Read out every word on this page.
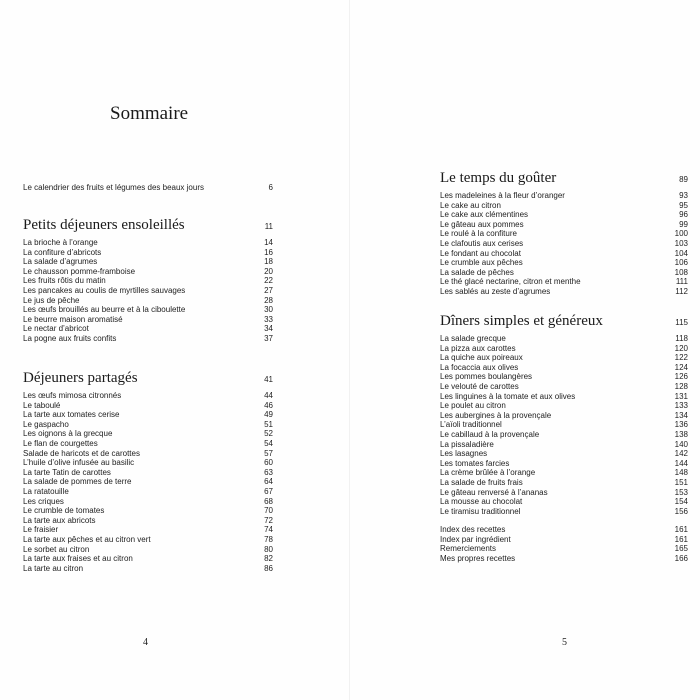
Sommaire
Le calendrier des fruits et légumes des beaux jours	6
Petits déjeuners ensoleillés	11
La brioche à l’orange	14
La confiture d’abricots	16
La salade d’agrumes	18
Le chausson pomme-framboise	20
Les fruits rôtis du matin	22
Les pancakes au coulis de myrtilles sauvages	27
Le jus de pêche	28
Les œufs brouillés au beurre et à la ciboulette	30
Le beurre maison aromatisé	33
Le nectar d’abricot	34
La pogne aux fruits confits	37
Déjeuners partagés	41
Les œufs mimosa citronnés	44
Le taboulé	46
La tarte aux tomates cerise	49
Le gaspacho	51
Les oignons à la grecque	52
Le flan de courgettes	54
Salade de haricots et de carottes	57
L’huile d’olive infusée au basilic	60
La tarte Tatin de carottes	63
La salade de pommes de terre	64
La ratatouille	67
Les criques	68
Le crumble de tomates	70
La tarte aux abricots	72
Le fraisier	74
La tarte aux pêches et au citron vert	78
Le sorbet au citron	80
La tarte aux fraises et au citron	82
La tarte au citron	86
4
Le temps du goûter	89
Les madeleines à la fleur d’oranger	93
Le cake au citron	95
Le cake aux clémentines	96
Le gâteau aux pommes	99
Le roulé à la confiture	100
Le clafoutis aux cerises	103
Le fondant au chocolat	104
Le crumble aux pêches	106
La salade de pêches	108
Le thé glacé nectarine, citron et menthe	111
Les sablés au zeste d’agrumes	112
Dîners simples et généreux	115
La salade grecque	118
La pizza aux carottes	120
La quiche aux poireaux	122
La focaccia aux olives	124
Les pommes boulangères	126
Le velouté de carottes	128
Les linguines à la tomate et aux olives	131
Le poulet au citron	133
Les aubergines à la provençale	134
L’aïoli traditionnel	136
Le cabillaud à la provençale	138
La pissaladière	140
Les lasagnes	142
Les tomates farcies	144
La crème brûlée à l’orange	148
La salade de fruits frais	151
Le gâteau renversé à l’ananas	153
La mousse au chocolat	154
Le tiramisu traditionnel	156
Index des recettes	161
Index par ingrédient	161
Remerciements	165
Mes propres recettes	166
5
